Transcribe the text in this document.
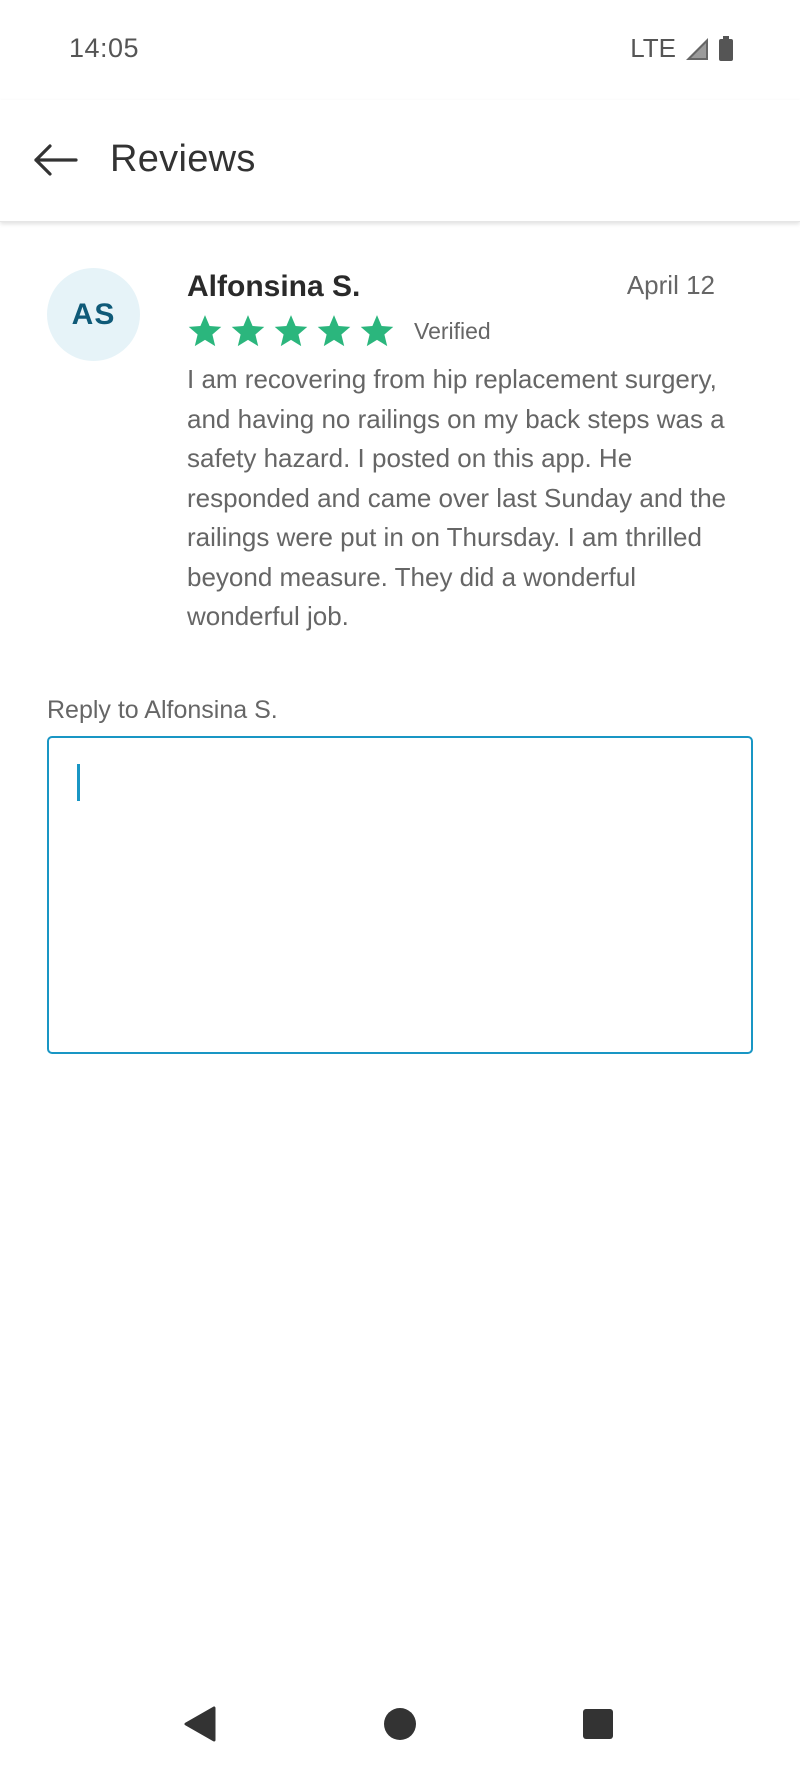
14:05	LTE
Reviews
AS
Alfonsina S.	April 12
Verified

I am recovering from hip replacement surgery, and having no railings on my back steps was a safety hazard. I posted on this app. He responded and came over last Sunday and the railings were put in on Thursday. I am thrilled beyond measure. They did a wonderful wonderful job.

Reply to Alfonsina S.
